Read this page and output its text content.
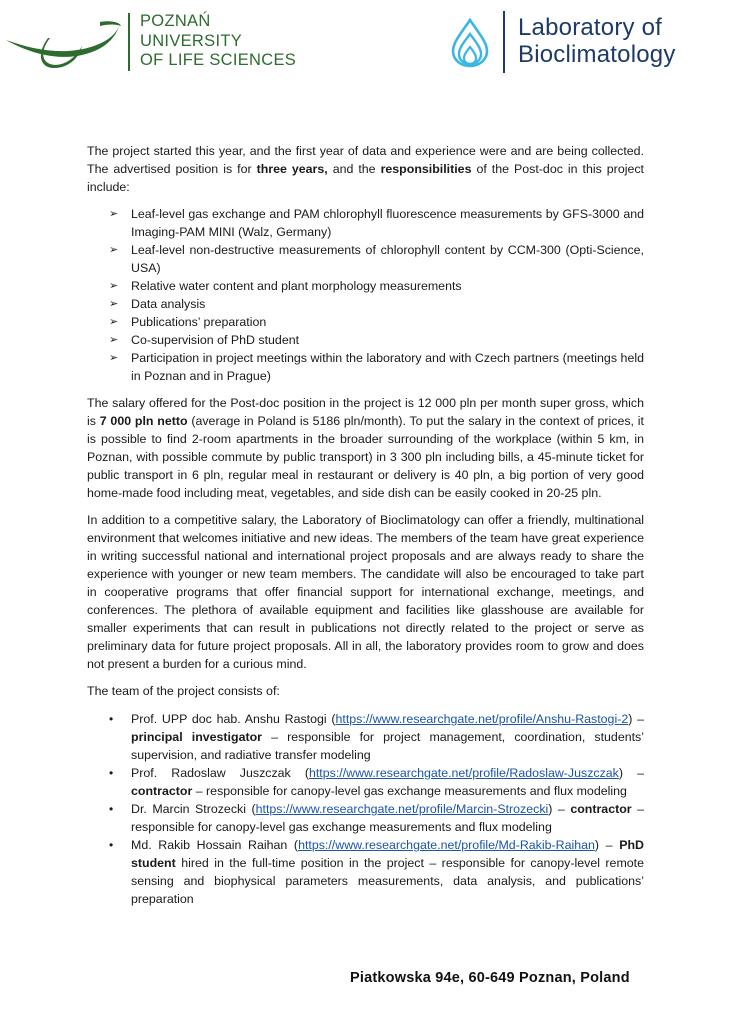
POZNAŃ
UNIVERSITY
OF LIFE SCIENCES
Laboratory of
Bioclimatology

The project started this year, and the first year of data and experience were and are being collected. The advertised position is for three years, and the responsibilities of the Post-doc in this project include:

➢ Leaf-level gas exchange and PAM chlorophyll fluorescence measurements by GFS-3000 and Imaging-PAM MINI (Walz, Germany)
➢ Leaf-level non-destructive measurements of chlorophyll content by CCM-300 (Opti-Science, USA)
➢ Relative water content and plant morphology measurements
➢ Data analysis
➢ Publications’ preparation
➢ Co-supervision of PhD student
➢ Participation in project meetings within the laboratory and with Czech partners (meetings held in Poznan and in Prague)

The salary offered for the Post-doc position in the project is 12 000 pln per month super gross, which is 7 000 pln netto (average in Poland is 5186 pln/month). To put the salary in the context of prices, it is possible to find 2-room apartments in the broader surrounding of the workplace (within 5 km, in Poznan, with possible commute by public transport) in 3 300 pln including bills, a 45-minute ticket for public transport in 6 pln, regular meal in restaurant or delivery is 40 pln, a big portion of very good home-made food including meat, vegetables, and side dish can be easily cooked in 20-25 pln.

In addition to a competitive salary, the Laboratory of Bioclimatology can offer a friendly, multinational environment that welcomes initiative and new ideas. The members of the team have great experience in writing successful national and international project proposals and are always ready to share the experience with younger or new team members. The candidate will also be encouraged to take part in cooperative programs that offer financial support for international exchange, meetings, and conferences. The plethora of available equipment and facilities like glasshouse are available for smaller experiments that can result in publications not directly related to the project or serve as preliminary data for future project proposals. All in all, the laboratory provides room to grow and does not present a burden for a curious mind.

The team of the project consists of:

• Prof. UPP doc hab. Anshu Rastogi (https://www.researchgate.net/profile/Anshu-Rastogi-2) – principal investigator – responsible for project management, coordination, students’ supervision, and radiative transfer modeling
• Prof. Radoslaw Juszczak (https://www.researchgate.net/profile/Radoslaw-Juszczak) – contractor – responsible for canopy-level gas exchange measurements and flux modeling
• Dr. Marcin Strozecki (https://www.researchgate.net/profile/Marcin-Strozecki) – contractor – responsible for canopy-level gas exchange measurements and flux modeling
• Md. Rakib Hossain Raihan (https://www.researchgate.net/profile/Md-Rakib-Raihan) – PhD student hired in the full-time position in the project – responsible for canopy-level remote sensing and biophysical parameters measurements, data analysis, and publications’ preparation
Piatkowska 94e, 60-649 Poznan, Poland
